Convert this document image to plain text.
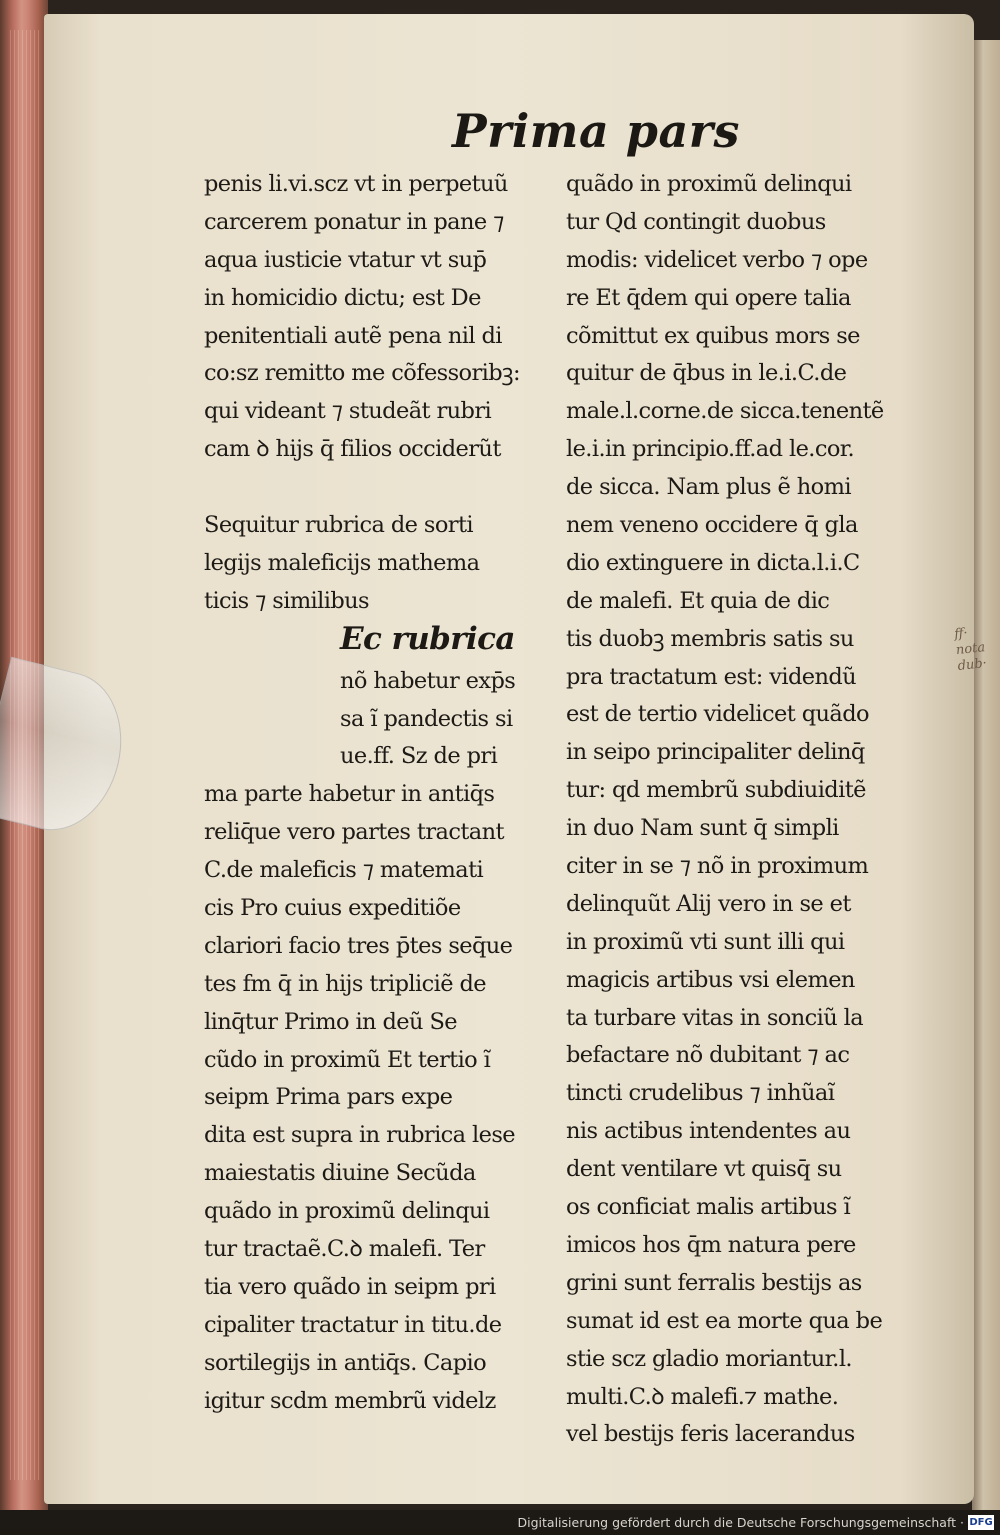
ff· nota dub·
Prima pars
penis li.vi.scz vt in perpetuũ
carcerem ponatur in pane ⁊
aqua iusticie vtatur vt sup̄
in homicidio dictu; est De
penitentiali autẽ pena nil di
co:sz remitto me cõfessoribꝫ:
qui videant ⁊ studeãt rubri
cam ꝺ hijs q̄ filios occiderũt
Sequitur rubrica de sorti
legijs maleficijs mathema
ticis ⁊ similibus
Ec rubrica
nõ habetur exp̄s
sa ĩ pandectis si
ue.ff. Sz de pri
ma parte habetur in antiq̄s
reliq̄ue vero partes tractant
C.de maleficis ⁊ matemati
cis Pro cuius expeditiõe
clariori facio tres p̄tes seq̄ue
tes fm q̄ in hijs tripliciẽ de
linq̄tur Primo in deũ Se
cũdo in proximũ Et tertio ĩ
seipm Prima pars expe
dita est supra in rubrica lese
maiestatis diuine Secũda
quãdo in proximũ delinqui
tur tractaẽ.C.ꝺ malefi. Ter
tia vero quãdo in seipm pri
cipaliter tractatur in titu.de
sortilegijs in antiq̄s. Capio
igitur scdm membrũ videlz
quãdo in proximũ delinqui
tur Qd contingit duobus
modis: videlicet verbo ⁊ ope
re Et q̄dem qui opere talia
cõmittut ex quibus mors se
quitur de q̄bus in le.i.C.de
male.l.corne.de sicca.tenentẽ
le.i.in principio.ff.ad le.cor.
de sicca. Nam plus ẽ homi
nem veneno occidere q̄ gla
dio extinguere in dicta.l.i.C
de malefi. Et quia de dic
tis duobꝫ membris satis su
pra tractatum est: videndũ
est de tertio videlicet quãdo
in seipo principaliter delinq̄
tur: qd membrũ subdiuiditẽ
in duo Nam sunt q̄ simpli
citer in se ⁊ nõ in proximum
delinquũt Alij vero in se et
in proximũ vti sunt illi qui
magicis artibus vsi elemen
ta turbare vitas in sonciũ la
befactare nõ dubitant ⁊ ac
tincti crudelibus ⁊ inhũaĩ
nis actibus intendentes au
dent ventilare vt quisq̄ su
os conficiat malis artibus ĩ
imicos hos q̄m natura pere
grini sunt ferralis bestijs as
sumat id est ea morte qua be
stie scz gladio moriantur.l.
multi.C.ꝺ malefi.⁊ mathe.
vel bestijs feris lacerandus
Digitalisierung gefördert durch die Deutsche Forschungsgemeinschaft · DFG
